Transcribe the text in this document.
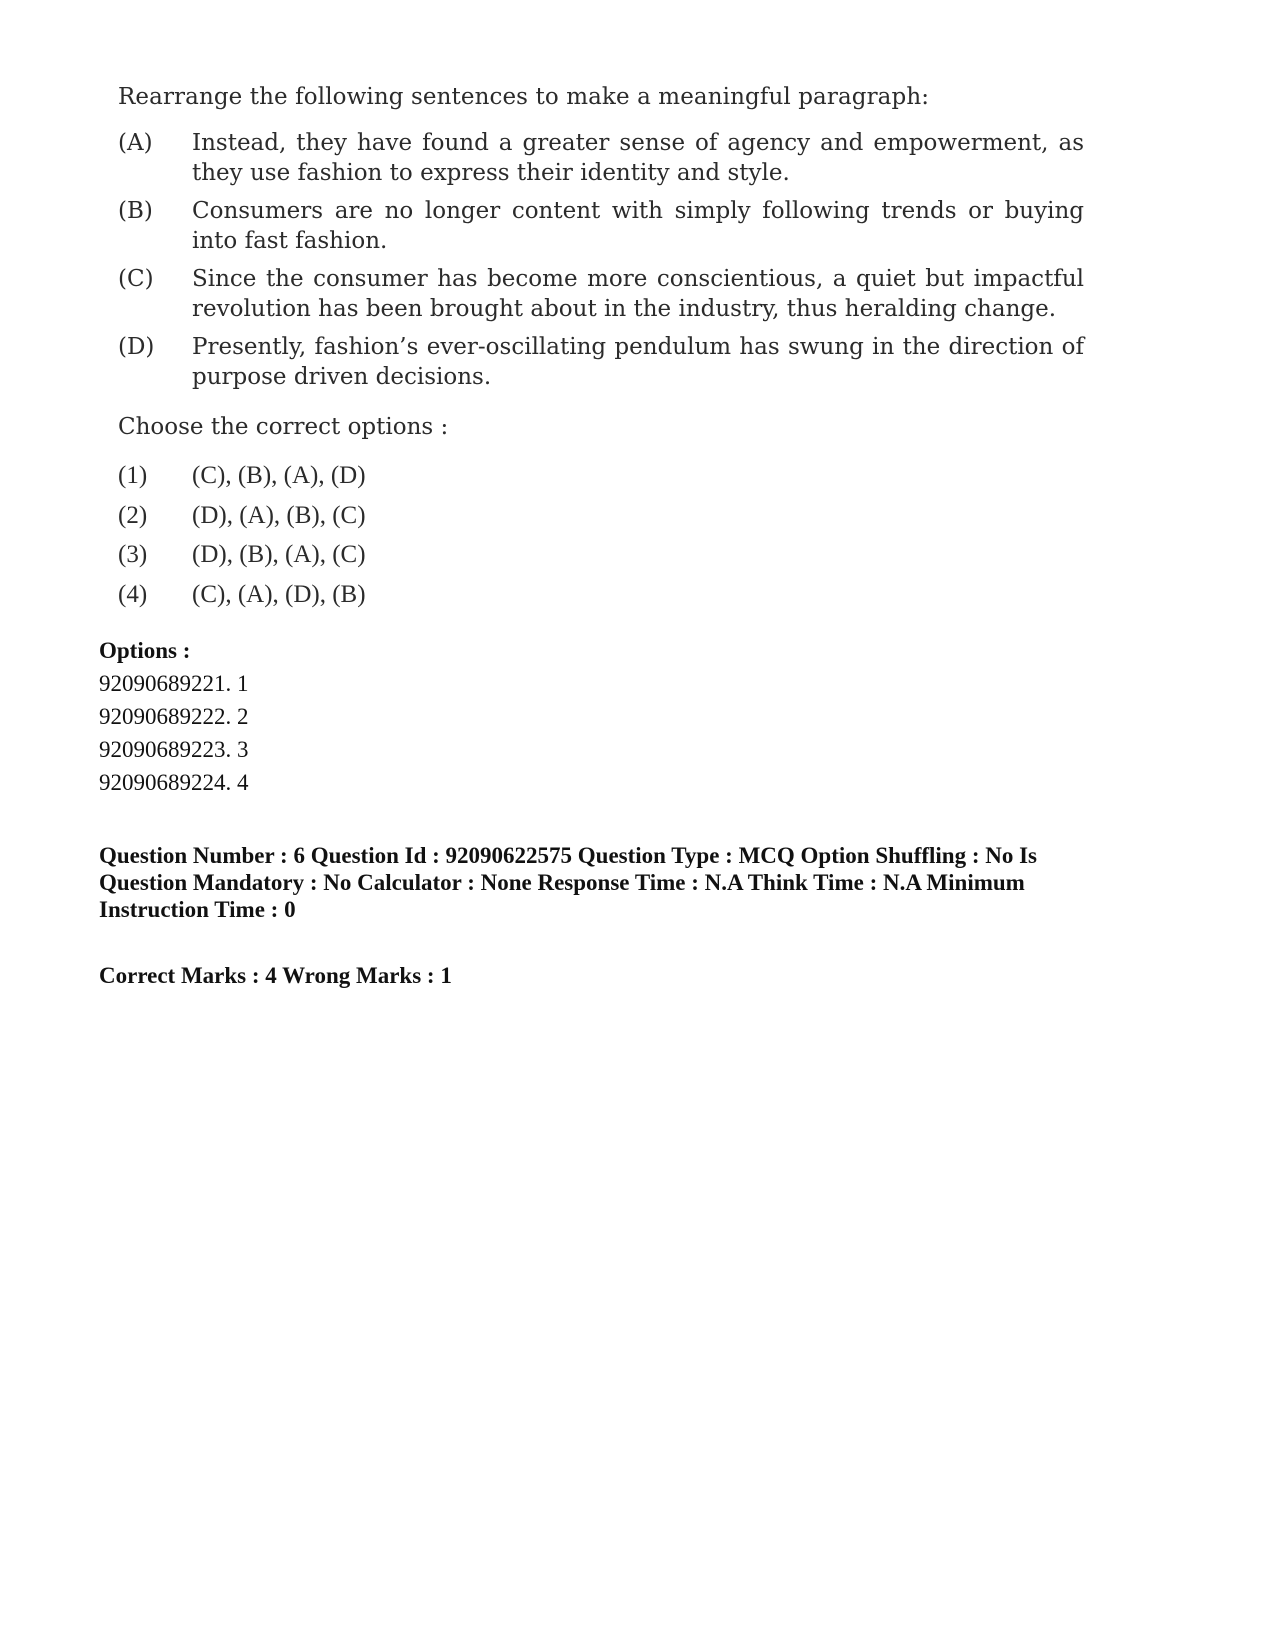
Rearrange the following sentences to make a meaningful paragraph:
(A) Instead, they have found a greater sense of agency and empowerment, as they use fashion to express their identity and style.
(B) Consumers are no longer content with simply following trends or buying into fast fashion.
(C) Since the consumer has become more conscientious, a quiet but impactful revolution has been brought about in the industry, thus heralding change.
(D) Presently, fashion’s ever-oscillating pendulum has swung in the direction of purpose driven decisions.
Choose the correct options :
(1) (C), (B), (A), (D)
(2) (D), (A), (B), (C)
(3) (D), (B), (A), (C)
(4) (C), (A), (D), (B)
Options :
92090689221. 1
92090689222. 2
92090689223. 3
92090689224. 4
Question Number : 6 Question Id : 92090622575 Question Type : MCQ Option Shuffling : No Is Question Mandatory : No Calculator : None Response Time : N.A Think Time : N.A Minimum Instruction Time : 0
Correct Marks : 4 Wrong Marks : 1
